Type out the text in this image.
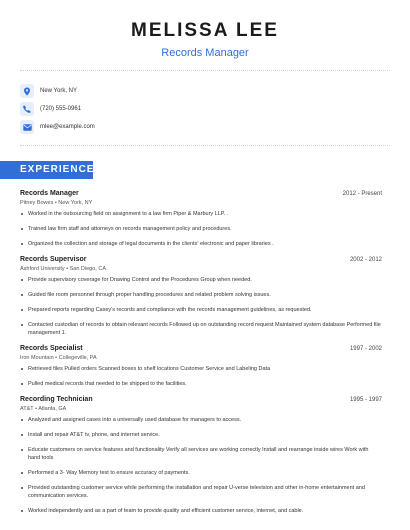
MELISSA LEE
Records Manager
New York, NY
(720) 555-0961
mlee@example.com
EXPERIENCE
Records Manager	2012 - Present
Pitney Bowes • New York, NY
Worked in the outsourcing field on assignment to a law firm Piper & Marbury LLP. .
Trained law firm staff and attorneys on records management policy and procedures.
Organized the collection and storage of legal documents in the clients' electronic and paper libraries .
Records Supervisor	2002 - 2012
Ashford University • San Diego, CA
Provide supervisory coverage for Drawing Control and the Procedures Group when needed.
Guided file room personnel through proper handling procedures and related problem solving issues.
Prepared reports regarding Casey's records and compliance with the records management guidelines, as requested.
Contacted custodian of records to obtain relevant records Followed up on outstanding record request Maintained system database Performed file management 1.
Records Specialist	1997 - 2002
Iron Mountain • Collegeville, PA
Retrieved files Pulled orders Scanned boxes to shelf locations Customer Service and Labeling Data
Pulled medical records that needed to be shipped to the facilities.
Recording Technician	1995 - 1997
AT&T • Atlanta, GA
Analyzed and assigned cases into a universally used database for managers to access.
Install and repair AT&T tv, phone, and internet service.
Educate customers on service features and functionality Verify all services are working correctly Install and rearrange inside wires Work with hand tools
Performed a 3- Way Memory test to ensure accuracy of payments.
Provided outstanding customer service while performing the installation and repair U-verse television and other in-home entertainment and communication services.
Worked independently and as a part of team to provide quality and efficient customer service, internet, and cable.
